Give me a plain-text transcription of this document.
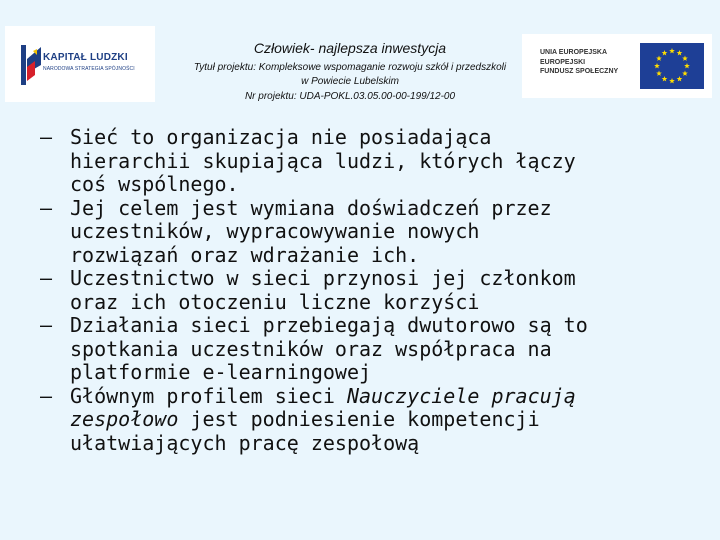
KAPITAŁ LUDZKI
NARODOWA STRATEGIA SPÓJNOŚCI
Człowiek- najlepsza inwestycja
Tytuł projektu: Kompleksowe wspomaganie rozwoju szkół i przedszkoli
w Powiecie Lubelskim
Nr projektu: UDA-POKL.03.05.00-00-199/12-00
UNIA EUROPEJSKA
EUROPEJSKI
FUNDUSZ SPOŁECZNY
– Sieć to organizacja nie posiadająca
hierarchii skupiająca ludzi, których łączy
coś wspólnego.
– Jej celem jest wymiana doświadczeń przez
uczestników, wypracowywanie nowych
rozwiązań oraz wdrażanie ich.
– Uczestnictwo w sieci przynosi jej członkom
oraz ich otoczeniu liczne korzyści
– Działania sieci przebiegają dwutorowo są to
spotkania uczestników oraz współpraca na
platformie e-learningowej
– Głównym profilem sieci Nauczyciele pracują
zespołowo jest podniesienie kompetencji
ułatwiających pracę zespołową
